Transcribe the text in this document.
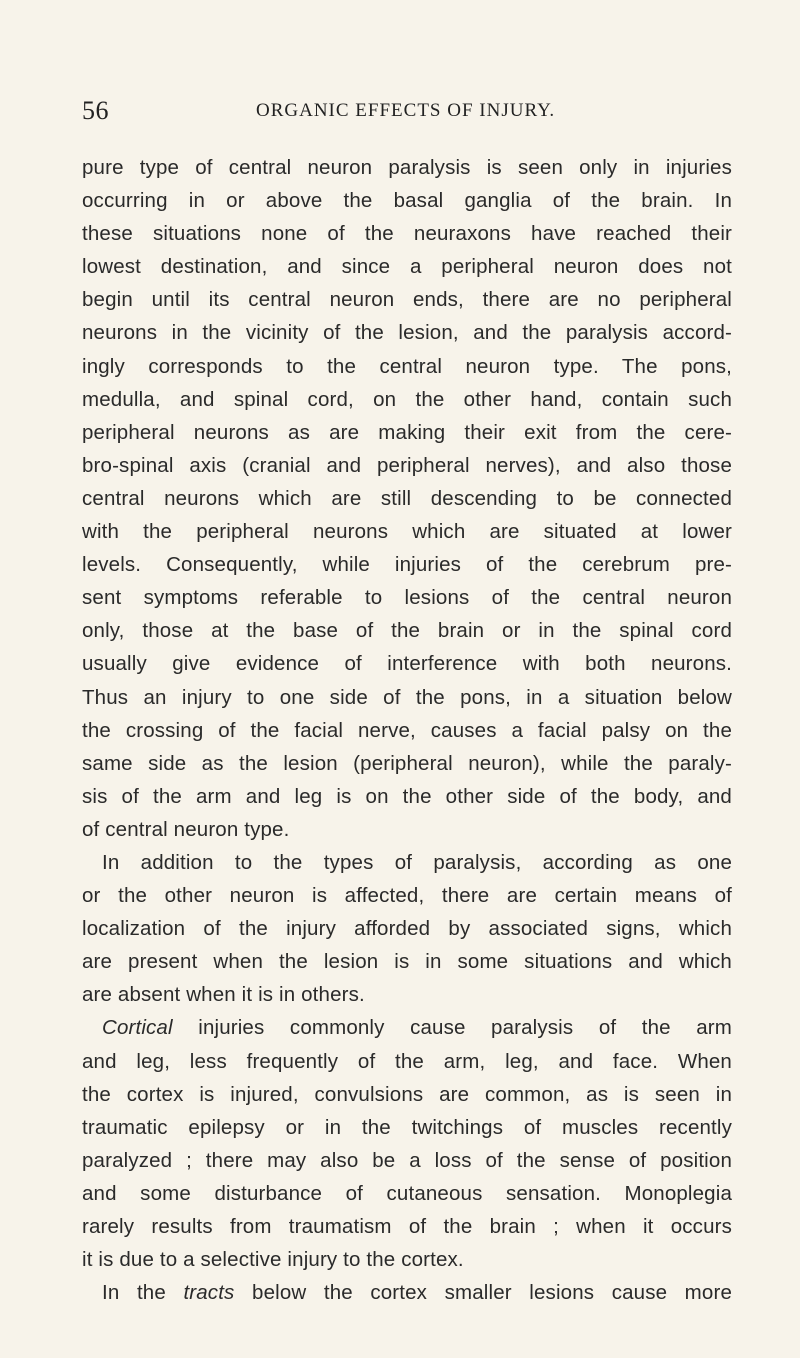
56	ORGANIC EFFECTS OF INJURY.
pure type of central neuron paralysis is seen only in injuries
occurring in or above the basal ganglia of the brain. In
these situations none of the neuraxons have reached their
lowest destination, and since a peripheral neuron does not
begin until its central neuron ends, there are no peripheral
neurons in the vicinity of the lesion, and the paralysis accord-
ingly corresponds to the central neuron type. The pons,
medulla, and spinal cord, on the other hand, contain such
peripheral neurons as are making their exit from the cere-
bro-spinal axis (cranial and peripheral nerves), and also those
central neurons which are still descending to be connected
with the peripheral neurons which are situated at lower
levels. Consequently, while injuries of the cerebrum pre-
sent symptoms referable to lesions of the central neuron
only, those at the base of the brain or in the spinal cord
usually give evidence of interference with both neurons.
Thus an injury to one side of the pons, in a situation below
the crossing of the facial nerve, causes a facial palsy on the
same side as the lesion (peripheral neuron), while the paraly-
sis of the arm and leg is on the other side of the body, and
of central neuron type.
In addition to the types of paralysis, according as one
or the other neuron is affected, there are certain means of
localization of the injury afforded by associated signs, which
are present when the lesion is in some situations and which
are absent when it is in others.
Cortical injuries commonly cause paralysis of the arm
and leg, less frequently of the arm, leg, and face. When
the cortex is injured, convulsions are common, as is seen in
traumatic epilepsy or in the twitchings of muscles recently
paralyzed ; there may also be a loss of the sense of position
and some disturbance of cutaneous sensation. Monoplegia
rarely results from traumatism of the brain ; when it occurs
it is due to a selective injury to the cortex.
In the tracts below the cortex smaller lesions cause more
